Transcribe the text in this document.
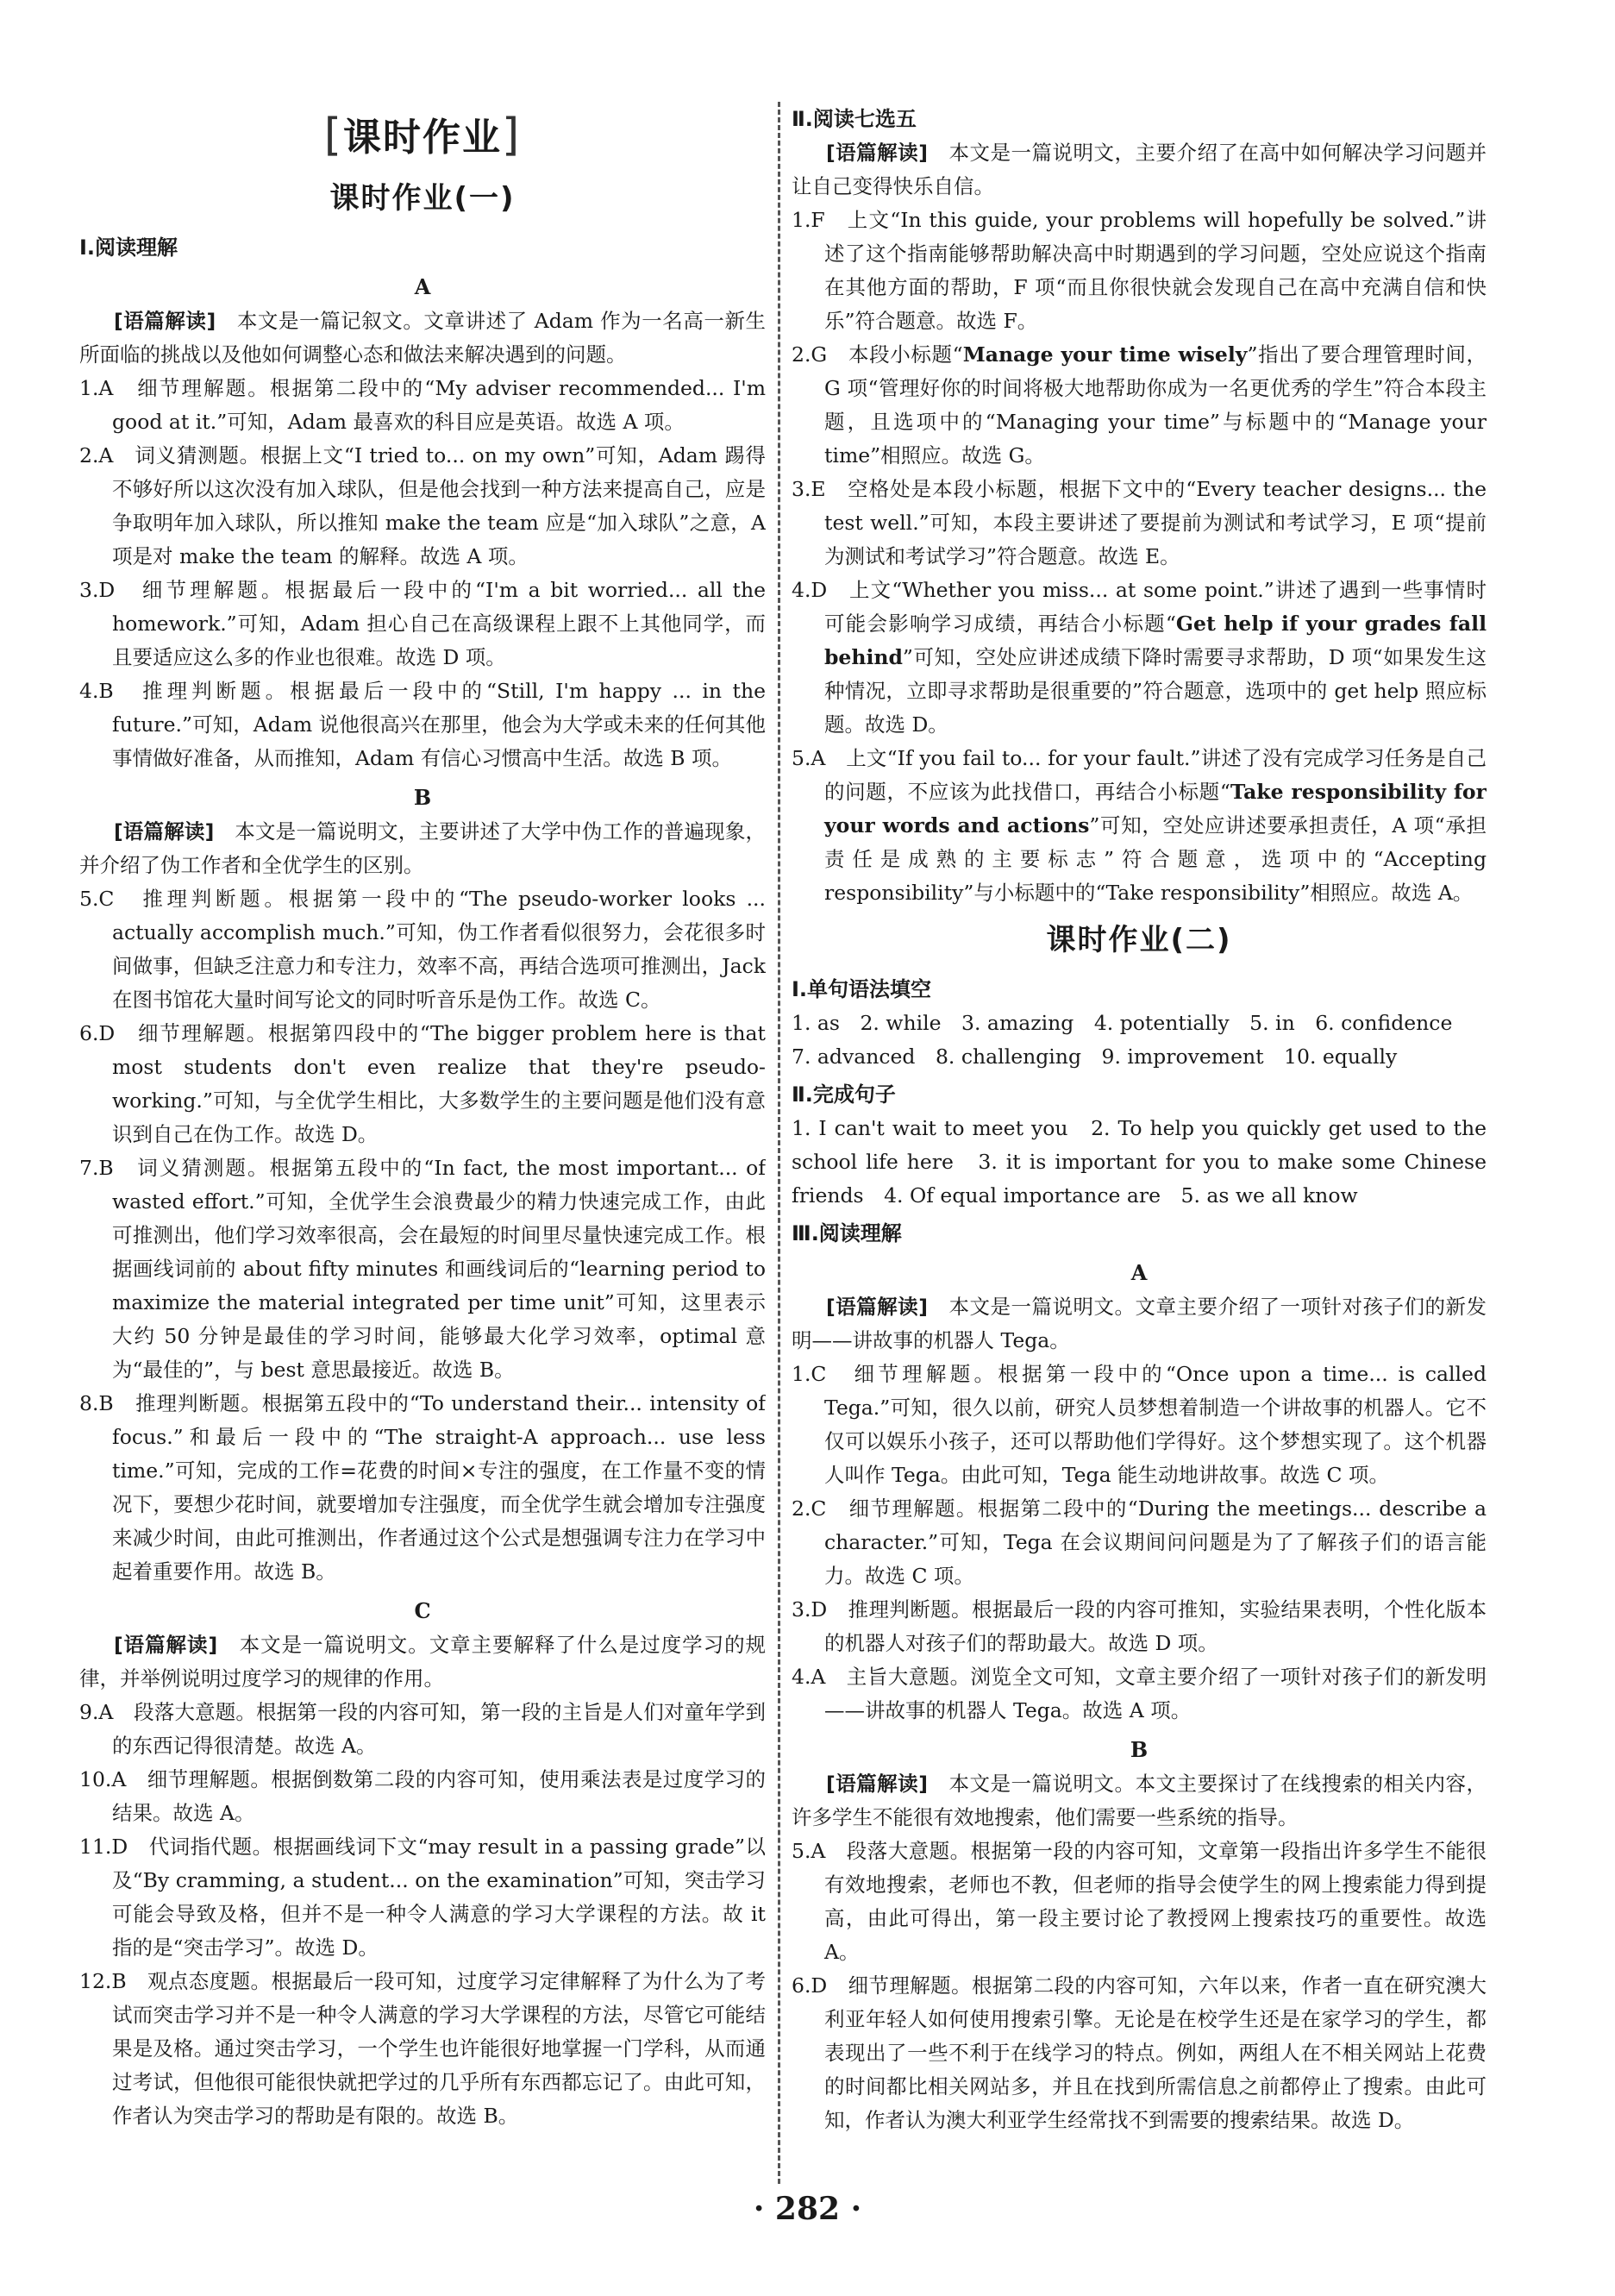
[课时作业]
课时作业(一)
Ⅰ.阅读理解
A

[语篇解读]　 本文是一篇记叙文。文章讲述了 Adam 作为一名高一新生所面临的挑战以及他如何调整心态和做法来解决遇到的问题。

1.A　细节理解题。根据第二段中的“My adviser recommended... I'm good at it.”可知，Adam 最喜欢的科目应是英语。故选 A 项。

2.A　词义猜测题。根据上文“I tried to... on my own”可知，Adam 踢得不够好所以这次没有加入球队，但是他会找到一种方法来提高自己，应是争取明年加入球队，所以推知 make the team 应是“加入球队”之意，A 项是对 make the team 的解释。故选 A 项。

3.D　细节理解题。根据最后一段中的“I'm a bit worried... all the homework.”可知，Adam 担心自己在高级课程上跟不上其他同学，而且要适应这么多的作业也很难。故选 D 项。

4.B　推理判断题。根据最后一段中的“Still, I'm happy ... in the future.”可知，Adam 说他很高兴在那里，他会为大学或未来的任何其他事情做好准备，从而推知，Adam 有信心习惯高中生活。故选 B 项。

B

[语篇解读]　 本文是一篇说明文，主要讲述了大学中伪工作的普遍现象，并介绍了伪工作者和全优学生的区别。

5.C　推理判断题。根据第一段中的“The pseudo-worker looks ... actually accomplish much.”可知，伪工作者看似很努力，会花很多时间做事，但缺乏注意力和专注力，效率不高，再结合选项可推测出，Jack 在图书馆花大量时间写论文的同时听音乐是伪工作。故选 C。

6.D　细节理解题。根据第四段中的“The bigger problem here is that most students don't even realize that they're pseudo-working.”可知，与全优学生相比，大多数学生的主要问题是他们没有意识到自己在伪工作。故选 D。

7.B　词义猜测题。根据第五段中的“In fact, the most important... of wasted effort.”可知，全优学生会浪费最少的精力快速完成工作，由此可推测出，他们学习效率很高，会在最短的时间里尽量快速完成工作。根据画线词前的 about fifty minutes 和画线词后的“learning period to maximize the material integrated per time unit”可知，这里表示大约 50 分钟是最佳的学习时间，能够最大化学习效率，optimal 意为“最佳的”，与 best 意思最接近。故选 B。

8.B　推理判断题。根据第五段中的“To understand their... intensity of focus.”和最后一段中的“The straight-A approach... use less time.”可知，完成的工作=花费的时间×专注的强度，在工作量不变的情况下，要想少花时间，就要增加专注强度，而全优学生就会增加专注强度来减少时间，由此可推测出，作者通过这个公式是想强调专注力在学习中起着重要作用。故选 B。

C

[语篇解读]　 本文是一篇说明文。文章主要解释了什么是过度学习的规律，并举例说明过度学习的规律的作用。

9.A　段落大意题。根据第一段的内容可知，第一段的主旨是人们对童年学到的东西记得很清楚。故选 A。

10.A　细节理解题。根据倒数第二段的内容可知，使用乘法表是过度学习的结果。故选 A。

11.D　代词指代题。根据画线词下文“may result in a passing grade”以及“By cramming, a student... on the examination”可知，突击学习可能会导致及格，但并不是一种令人满意的学习大学课程的方法。故 it 指的是“突击学习”。故选 D。

12.B　观点态度题。根据最后一段可知，过度学习定律解释了为什么为了考试而突击学习并不是一种令人满意的学习大学课程的方法，尽管它可能结果是及格。通过突击学习，一个学生也许能很好地掌握一门学科，从而通过考试，但他很可能很快就把学过的几乎所有东西都忘记了。由此可知，作者认为突击学习的帮助是有限的。故选 B。

Ⅱ.阅读七选五

[语篇解读]　 本文是一篇说明文，主要介绍了在高中如何解决学习问题并让自己变得快乐自信。

1.F　上文“In this guide, your problems will hopefully be solved.”讲述了这个指南能够帮助解决高中时期遇到的学习问题，空处应说这个指南在其他方面的帮助，F 项“而且你很快就会发现自己在高中充满自信和快乐”符合题意。故选 F。

2.G　本段小标题“Manage your time wisely”指出了要合理管理时间，G 项“管理好你的时间将极大地帮助你成为一名更优秀的学生”符合本段主题，且选项中的“Managing your time”与标题中的“Manage your time”相照应。故选 G。

3.E　空格处是本段小标题，根据下文中的“Every teacher designs... the test well.”可知，本段主要讲述了要提前为测试和考试学习，E 项“提前为测试和考试学习”符合题意。故选 E。

4.D　上文“Whether you miss... at some point.”讲述了遇到一些事情时可能会影响学习成绩，再结合小标题“Get help if your grades fall behind”可知，空处应讲述成绩下降时需要寻求帮助，D 项“如果发生这种情况，立即寻求帮助是很重要的”符合题意，选项中的 get help 照应标题。故选 D。

5.A　上文“If you fail to... for your fault.”讲述了没有完成学习任务是自己的问题，不应该为此找借口，再结合小标题“Take responsibility for your words and actions”可知，空处应讲述要承担责任，A 项“承担责任是成熟的主要标志”符合题意，选项中的“Accepting responsibility”与小标题中的“Take responsibility”相照应。故选 A。

课时作业(二)
Ⅰ.单句语法填空

1. as　2. while　3. amazing　4. potentially　5. in　6. confidence

7. advanced　8. challenging　9. improvement　10. equally

Ⅱ.完成句子

1. I can't wait to meet you　2. To help you quickly get used to the school life here　3. it is important for you to make some Chinese friends　4. Of equal importance are　5. as we all know

Ⅲ.阅读理解
A

[语篇解读]　 本文是一篇说明文。文章主要介绍了一项针对孩子们的新发明——讲故事的机器人 Tega。

1.C　细节理解题。根据第一段中的“Once upon a time... is called Tega.”可知，很久以前，研究人员梦想着制造一个讲故事的机器人。它不仅可以娱乐小孩子，还可以帮助他们学得好。这个梦想实现了。这个机器人叫作 Tega。由此可知，Tega 能生动地讲故事。故选 C 项。

2.C　细节理解题。根据第二段中的“During the meetings... describe a character.”可知，Tega 在会议期间问问题是为了了解孩子们的语言能力。故选 C 项。

3.D　推理判断题。根据最后一段的内容可推知，实验结果表明，个性化版本的机器人对孩子们的帮助最大。故选 D 项。

4.A　主旨大意题。浏览全文可知，文章主要介绍了一项针对孩子们的新发明——讲故事的机器人 Tega。故选 A 项。

B

[语篇解读]　 本文是一篇说明文。本文主要探讨了在线搜索的相关内容，许多学生不能很有效地搜索，他们需要一些系统的指导。

5.A　段落大意题。根据第一段的内容可知，文章第一段指出许多学生不能很有效地搜索，老师也不教，但老师的指导会使学生的网上搜索能力得到提高，由此可得出，第一段主要讨论了教授网上搜索技巧的重要性。故选 A。

6.D　细节理解题。根据第二段的内容可知，六年以来，作者一直在研究澳大利亚年轻人如何使用搜索引擎。无论是在校学生还是在家学习的学生，都表现出了一些不利于在线学习的特点。例如，两组人在不相关网站上花费的时间都比相关网站多，并且在找到所需信息之前都停止了搜索。由此可知，作者认为澳大利亚学生经常找不到需要的搜索结果。故选 D。

· 282 ·
